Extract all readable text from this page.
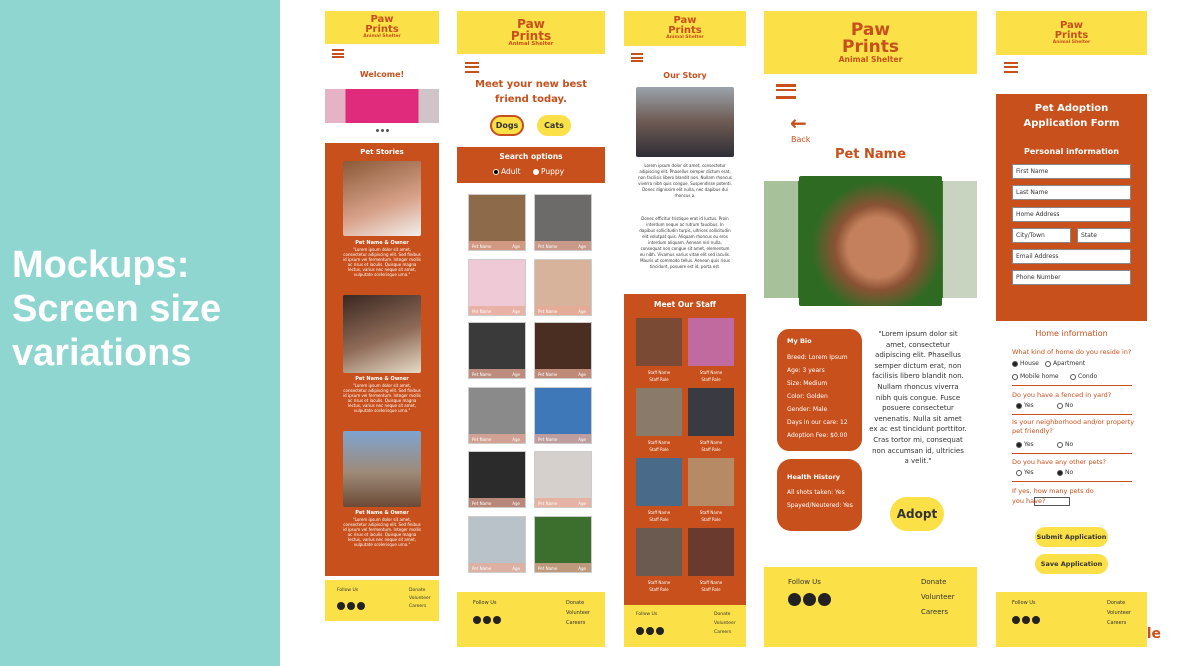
Mockups: Screen size variations
Paw
Prints
Animal Shelter
Welcome!
Pet Stories
Pet Name & Owner
"Lorem ipsum dolor sit amet, consectetur adipiscing elit. Sed finibus id ipsum vel fermentum. Integer mollis ac risus et iaculis. Quisque magna lectus, varius nec neque sit amet, vulputate scelerisque urna."
Pet Name & Owner
"Lorem ipsum dolor sit amet, consectetur adipiscing elit. Sed finibus id ipsum vel fermentum. Integer mollis ac risus et iaculis. Quisque magna lectus, varius nec neque sit amet, vulputate scelerisque urna."
Pet Name & Owner
"Lorem ipsum dolor sit amet, consectetur adipiscing elit. Sed finibus id ipsum vel fermentum. Integer mollis ac risus et iaculis. Quisque magna lectus, varius nec neque sit amet, vulputate scelerisque urna."
Follow Us	Donate
Volunteer
Careers
Paw
Prints
Animal Shelter
Meet your new best friend today.
Dogs	Cats
Search options
Adult	Puppy
Pet Name	Age	Pet Name	Age
Pet Name	Age	Pet Name	Age
Pet Name	Age	Pet Name	Age
Pet Name	Age	Pet Name	Age
Pet Name	Age	Pet Name	Age
Pet Name	Age	Pet Name	Age
Follow Us	Donate
Volunteer
Careers
Paw
Prints
Animal Shelter
Our Story
Lorem ipsum dolor sit amet, consectetur adipiscing elit. Phasellus semper dictum erat, non facilisis libero blandit non. Nullam rhoncus viverra nibh quis congue. Suspendisse potenti. Donec dignissim elit nulla, nec dapibus dui rhoncus a.
Donec efficitur tristique erat id luctus. Proin interdum neque ac rutrum faucibus. In dapibus sollicitudin turpis, ultrices sollicitudin elit volutpat quis. Aliquam rhoncus eu eros interdum aliquam. Aenean nisl nulla, consequat non congue sit amet, elementum eu nibh. Vivamus varius vitae elit sed iaculis. Mauris ut commodo tellus. Aenean quis risus tincidunt, posuere est id, porta est.
Meet Our Staff
Staff Name
Staff Role
Staff Name
Staff Role
Staff Name
Staff Role
Staff Name
Staff Role
Staff Name
Staff Role
Staff Name
Staff Role
Staff Name
Staff Role
Staff Name
Staff Role
Follow Us	Donate
Volunteer
Careers
Paw
Prints
Animal Shelter
←
Back
Pet Name
My Bio
Breed: Lorem Ipsum
Age: 3 years
Size: Medium
Color: Golden
Gender: Male
Days in our care: 12
Adoption Fee: $0.00
Health History
All shots taken: Yes
Spayed/Neutered: Yes
"Lorem ipsum dolor sit amet, consectetur adipiscing elit. Phasellus semper dictum erat, non facilisis libero blandit non. Nullam rhoncus viverra nibh quis congue. Fusce posuere consectetur venenatis. Nulla sit amet ex ac est tincidunt porttitor. Cras tortor mi, consequat non accumsan id, ultricies a velit."
Adopt
Follow Us	Donate
Volunteer
Careers
Paw
Prints
Animal Shelter
Pet Adoption Application Form
Personal information
First Name
Last Name
Home Address
City/Town	State
Email Address
Phone Number
Home information
What kind of home do you reside in?
House	Apartment
Mobile home	Condo
Do you have a fenced in yard?
Yes	No
Is your neighborhood and/or property pet friendly?
Yes	No
Do you have any other pets?
Yes	No
If yes, how many pets do you have?
Submit Application
Save Application
Follow Us	Donate
Volunteer
Careers
le
